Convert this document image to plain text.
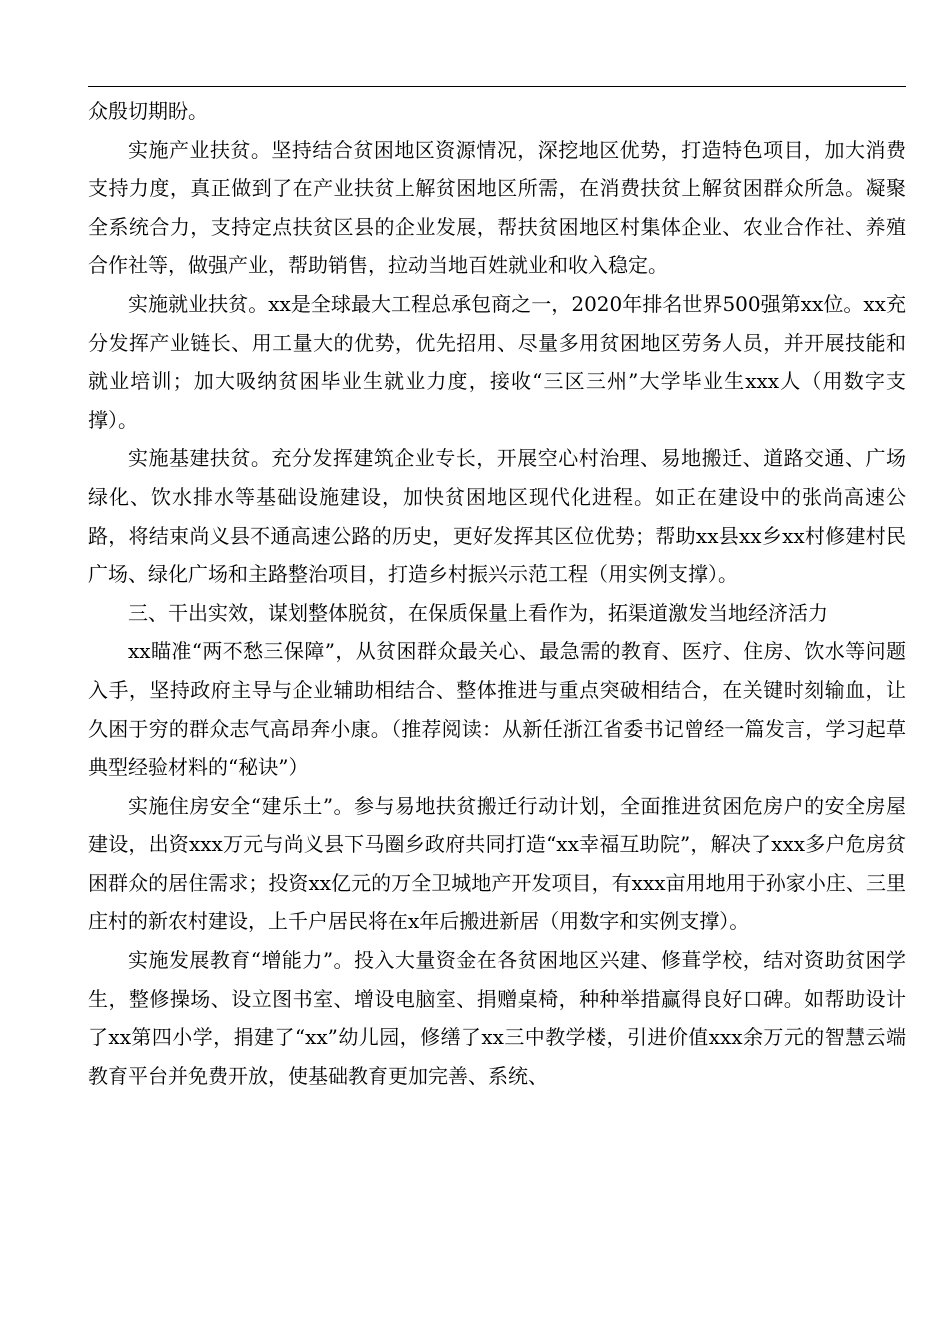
众殷切期盼。

实施产业扶贫。坚持结合贫困地区资源情况，深挖地区优势，打造特色项目，加大消费支持力度，真正做到了在产业扶贫上解贫困地区所需，在消费扶贫上解贫困群众所急。凝聚全系统合力，支持定点扶贫区县的企业发展，帮扶贫困地区村集体企业、农业合作社、养殖合作社等，做强产业，帮助销售，拉动当地百姓就业和收入稳定。

实施就业扶贫。xx是全球最大工程总承包商之一，2020年排名世界500强第xx位。xx充分发挥产业链长、用工量大的优势，优先招用、尽量多用贫困地区劳务人员，并开展技能和就业培训；加大吸纳贫困毕业生就业力度，接收“三区三州”大学毕业生xxx人（用数字支撑）。

实施基建扶贫。充分发挥建筑企业专长，开展空心村治理、易地搬迁、道路交通、广场绿化、饮水排水等基础设施建设，加快贫困地区现代化进程。如正在建设中的张尚高速公路，将结束尚义县不通高速公路的历史，更好发挥其区位优势；帮助xx县xx乡xx村修建村民广场、绿化广场和主路整治项目，打造乡村振兴示范工程（用实例支撑）。

三、干出实效，谋划整体脱贫，在保质保量上看作为，拓渠道激发当地经济活力

xx瞄准“两不愁三保障”，从贫困群众最关心、最急需的教育、医疗、住房、饮水等问题入手，坚持政府主导与企业辅助相结合、整体推进与重点突破相结合，在关键时刻输血，让久困于穷的群众志气高昂奔小康。（推荐阅读：从新任浙江省委书记曾经一篇发言，学习起草典型经验材料的“秘诀”）

实施住房安全“建乐土”。参与易地扶贫搬迁行动计划，全面推进贫困危房户的安全房屋建设，出资xxx万元与尚义县下马圈乡政府共同打造“xx幸福互助院”，解决了xxx多户危房贫困群众的居住需求；投资xx亿元的万全卫城地产开发项目，有xxx亩用地用于孙家小庄、三里庄村的新农村建设，上千户居民将在x年后搬进新居（用数字和实例支撑）。

实施发展教育“增能力”。投入大量资金在各贫困地区兴建、修葺学校，结对资助贫困学生，整修操场、设立图书室、增设电脑室、捐赠桌椅，种种举措赢得良好口碑。如帮助设计了xx第四小学，捐建了“xx”幼儿园，修缮了xx三中教学楼，引进价值xxx余万元的智慧云端教育平台并免费开放，使基础教育更加完善、系统、
